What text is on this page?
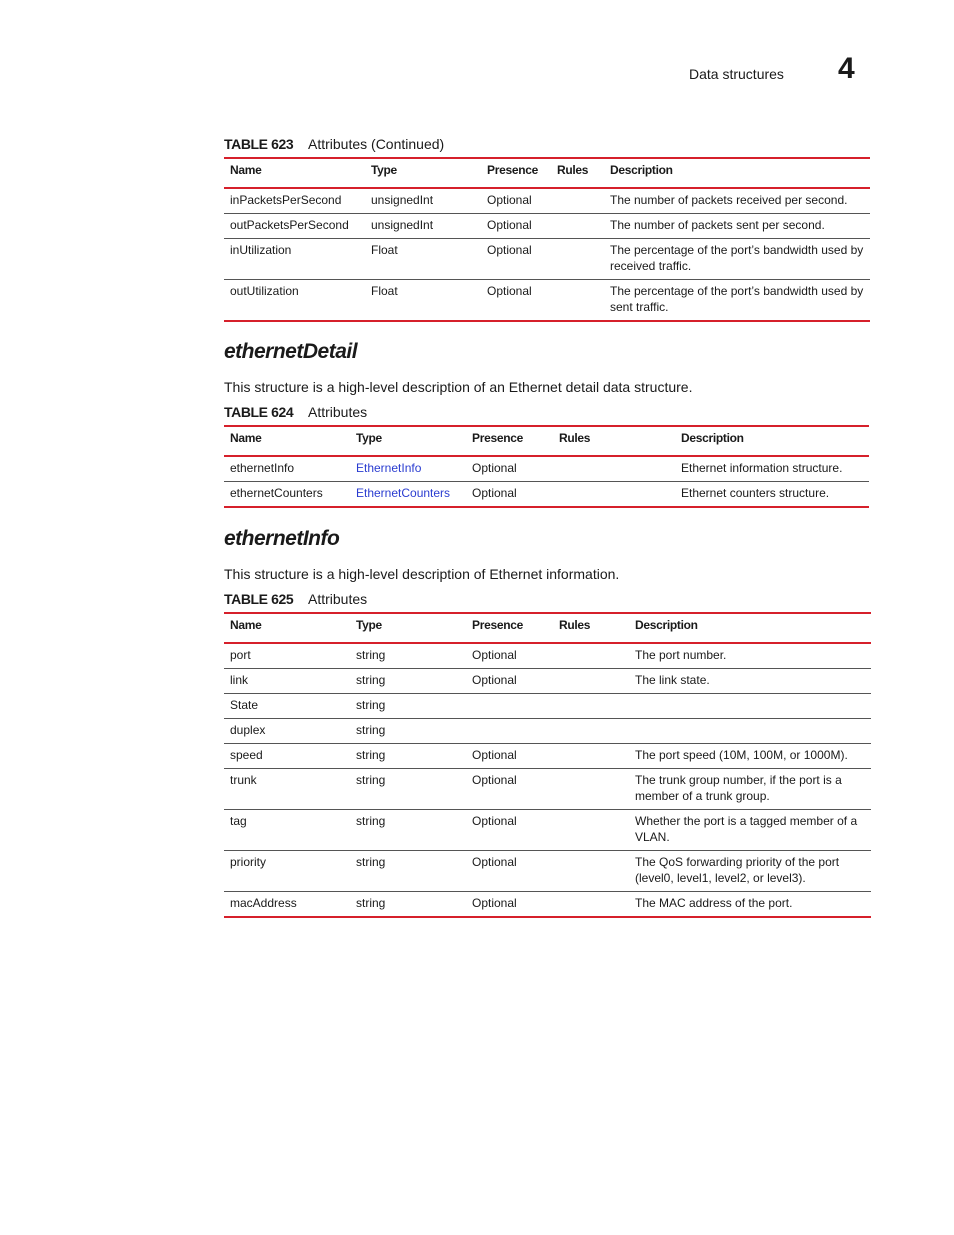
Data structures 4
TABLE 623 Attributes (Continued)
Name	Type	Presence	Rules	Description
inPacketsPerSecond	unsignedInt	Optional		The number of packets received per second.
outPacketsPerSecond	unsignedInt	Optional		The number of packets sent per second.
inUtilization	Float	Optional		The percentage of the port’s bandwidth used by received traffic.
outUtilization	Float	Optional		The percentage of the port’s bandwidth used by sent traffic.
ethernetDetail
This structure is a high-level description of an Ethernet detail data structure.
TABLE 624 Attributes
Name	Type	Presence	Rules	Description
ethernetInfo	EthernetInfo	Optional		Ethernet information structure.
ethernetCounters	EthernetCounters	Optional		Ethernet counters structure.
ethernetInfo
This structure is a high-level description of Ethernet information.
TABLE 625 Attributes
Name	Type	Presence	Rules	Description
port	string	Optional		The port number.
link	string	Optional		The link state.
State	string			
duplex	string			
speed	string	Optional		The port speed (10M, 100M, or 1000M).
trunk	string	Optional		The trunk group number, if the port is a member of a trunk group.
tag	string	Optional		Whether the port is a tagged member of a VLAN.
priority	string	Optional		The QoS forwarding priority of the port (level0, level1, level2, or level3).
macAddress	string	Optional		The MAC address of the port.
